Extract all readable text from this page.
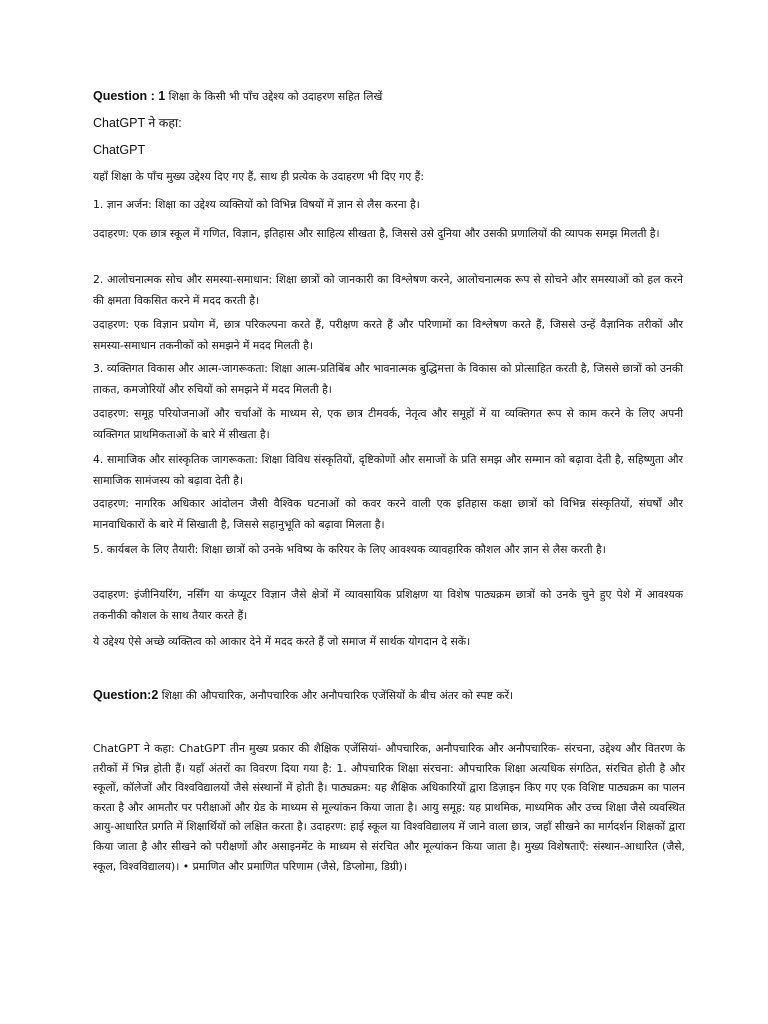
Question : 1 शिक्षा के किसी भी पाँच उद्देश्य को उदाहरण सहित लिखें

ChatGPT ने कहा:

ChatGPT

यहाँ शिक्षा के पाँच मुख्य उद्देश्य दिए गए हैं, साथ ही प्रत्येक के उदाहरण भी दिए गए हैं:

1. ज्ञान अर्जन: शिक्षा का उद्देश्य व्यक्तियों को विभिन्न विषयों में ज्ञान से लैस करना है।

उदाहरण: एक छात्र स्कूल में गणित, विज्ञान, इतिहास और साहित्य सीखता है, जिससे उसे दुनिया और उसकी प्रणालियों की व्यापक समझ मिलती है।

2. आलोचनात्मक सोच और समस्या-समाधान: शिक्षा छात्रों को जानकारी का विश्लेषण करने, आलोचनात्मक रूप से सोचने और समस्याओं को हल करने की क्षमता विकसित करने में मदद करती है।

उदाहरण: एक विज्ञान प्रयोग में, छात्र परिकल्पना करते हैं, परीक्षण करते हैं और परिणामों का विश्लेषण करते हैं, जिससे उन्हें वैज्ञानिक तरीकों और समस्या-समाधान तकनीकों को समझने में मदद मिलती है।

3. व्यक्तिगत विकास और आत्म-जागरूकता: शिक्षा आत्म-प्रतिबिंब और भावनात्मक बुद्धिमत्ता के विकास को प्रोत्साहित करती है, जिससे छात्रों को उनकी ताकत, कमजोरियों और रुचियों को समझने में मदद मिलती है।

उदाहरण: समूह परियोजनाओं और चर्चाओं के माध्यम से, एक छात्र टीमवर्क, नेतृत्व और समूहों में या व्यक्तिगत रूप से काम करने के लिए अपनी व्यक्तिगत प्राथमिकताओं के बारे में सीखता है।

4. सामाजिक और सांस्कृतिक जागरूकता: शिक्षा विविध संस्कृतियों, दृष्टिकोणों और समाजों के प्रति समझ और सम्मान को बढ़ावा देती है, सहिष्णुता और सामाजिक सामंजस्य को बढ़ावा देती है।

उदाहरण: नागरिक अधिकार आंदोलन जैसी वैश्विक घटनाओं को कवर करने वाली एक इतिहास कक्षा छात्रों को विभिन्न संस्कृतियों, संघर्षों और मानवाधिकारों के बारे में सिखाती है, जिससे सहानुभूति को बढ़ावा मिलता है।

5. कार्यबल के लिए तैयारी: शिक्षा छात्रों को उनके भविष्य के करियर के लिए आवश्यक व्यावहारिक कौशल और ज्ञान से लैस करती है।

उदाहरण: इंजीनियरिंग, नर्सिंग या कंप्यूटर विज्ञान जैसे क्षेत्रों में व्यावसायिक प्रशिक्षण या विशेष पाठ्यक्रम छात्रों को उनके चुने हुए पेशे में आवश्यक तकनीकी कौशल के साथ तैयार करते हैं।

ये उद्देश्य ऐसे अच्छे व्यक्तित्व को आकार देने में मदद करते हैं जो समाज में सार्थक योगदान दे सकें।

Question:2 शिक्षा की औपचारिक, अनौपचारिक और अनौपचारिक एजेंसियों के बीच अंतर को स्पष्ट करें।

ChatGPT ने कहा: ChatGPT तीन मुख्य प्रकार की शैक्षिक एजेंसियां- औपचारिक, अनौपचारिक और अनौपचारिक- संरचना, उद्देश्य और वितरण के तरीकों में भिन्न होती हैं। यहाँ अंतरों का विवरण दिया गया है: 1. औपचारिक शिक्षा संरचना: औपचारिक शिक्षा अत्यधिक संगठित, संरचित होती है और स्कूलों, कॉलेजों और विश्वविद्यालयों जैसे संस्थानों में होती है। पाठ्यक्रम: यह शैक्षिक अधिकारियों द्वारा डिज़ाइन किए गए एक विशिष्ट पाठ्यक्रम का पालन करता है और आमतौर पर परीक्षाओं और ग्रेड के माध्यम से मूल्यांकन किया जाता है। आयु समूह: यह प्राथमिक, माध्यमिक और उच्च शिक्षा जैसे व्यवस्थित आयु-आधारित प्रगति में शिक्षार्थियों को लक्षित करता है। उदाहरण: हाई स्कूल या विश्वविद्यालय में जाने वाला छात्र, जहाँ सीखने का मार्गदर्शन शिक्षकों द्वारा किया जाता है और सीखने को परीक्षणों और असाइनमेंट के माध्यम से संरचित और मूल्यांकन किया जाता है। मुख्य विशेषताएँ: संस्थान-आधारित (जैसे, स्कूल, विश्वविद्यालय)। • प्रमाणित और प्रमाणित परिणाम (जैसे, डिप्लोमा, डिग्री)।
